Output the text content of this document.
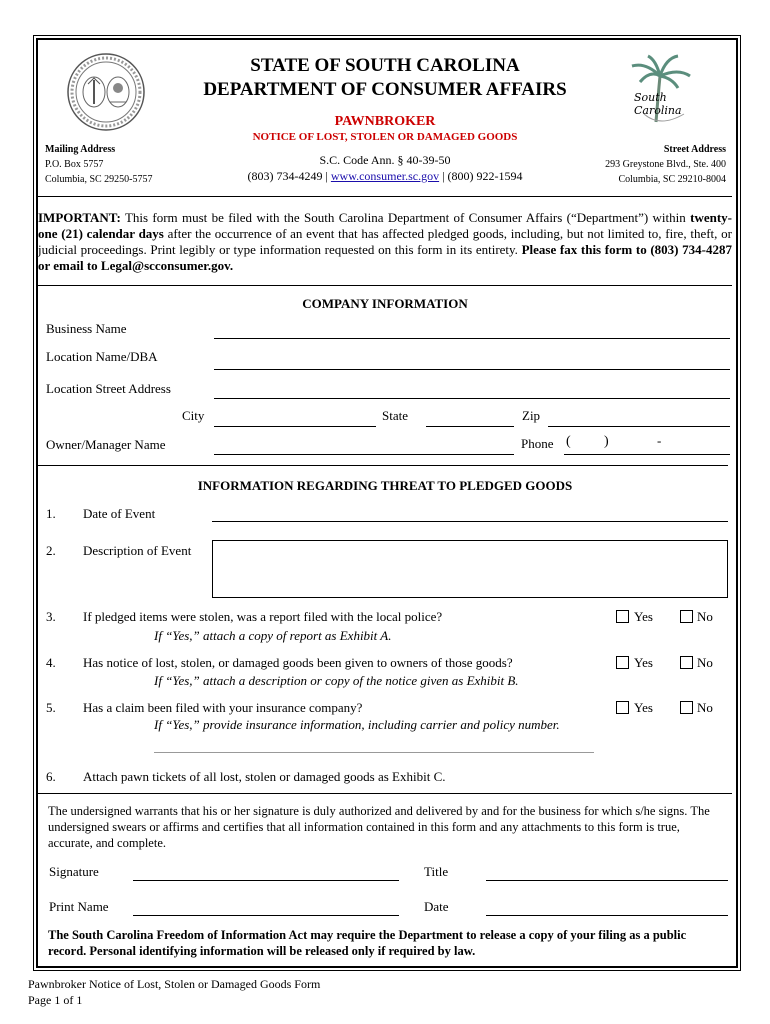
South Carolina
STATE OF SOUTH CAROLINA
DEPARTMENT OF CONSUMER AFFAIRS
PAWNBROKER
NOTICE OF LOST, STOLEN OR DAMAGED GOODS
S.C. Code Ann. § 40-39-50
(803) 734-4249 | www.consumer.sc.gov | (800) 922-1594
Mailing Address
P.O. Box 5757
Columbia, SC 29250-5757
Street Address
293 Greystone Blvd., Ste. 400
Columbia, SC 29210-8004
IMPORTANT: This form must be filed with the South Carolina Department of Consumer Affairs (“Department”) within twenty-one (21) calendar days after the occurrence of an event that has affected pledged goods, including, but not limited to, fire, theft, or judicial proceedings. Print legibly or type information requested on this form in its entirety. Please fax this form to (803) 734-4287 or email to Legal@scconsumer.gov.
COMPANY INFORMATION
Business Name
Location Name/DBA
Location Street Address
City	State	Zip
Owner/Manager Name	Phone ( )	-
INFORMATION REGARDING THREAT TO PLEDGED GOODS
1. Date of Event
2. Description of Event
3. If pledged items were stolen, was a report filed with the local police?
If “Yes,” attach a copy of report as Exhibit A.
Yes	No
4. Has notice of lost, stolen, or damaged goods been given to owners of those goods?
If “Yes,” attach a description or copy of the notice given as Exhibit B.
Yes	No
5. Has a claim been filed with your insurance company?
If “Yes,” provide insurance information, including carrier and policy number.
Yes	No
6. Attach pawn tickets of all lost, stolen or damaged goods as Exhibit C.
The undersigned warrants that his or her signature is duly authorized and delivered by and for the business for which s/he signs. The undersigned swears or affirms and certifies that all information contained in this form and any attachments to this form is true, accurate, and complete.
Signature	Title
Print Name	Date
The South Carolina Freedom of Information Act may require the Department to release a copy of your filing as a public record. Personal identifying information will be released only if required by law.
Pawnbroker Notice of Lost, Stolen or Damaged Goods Form
Page 1 of 1
